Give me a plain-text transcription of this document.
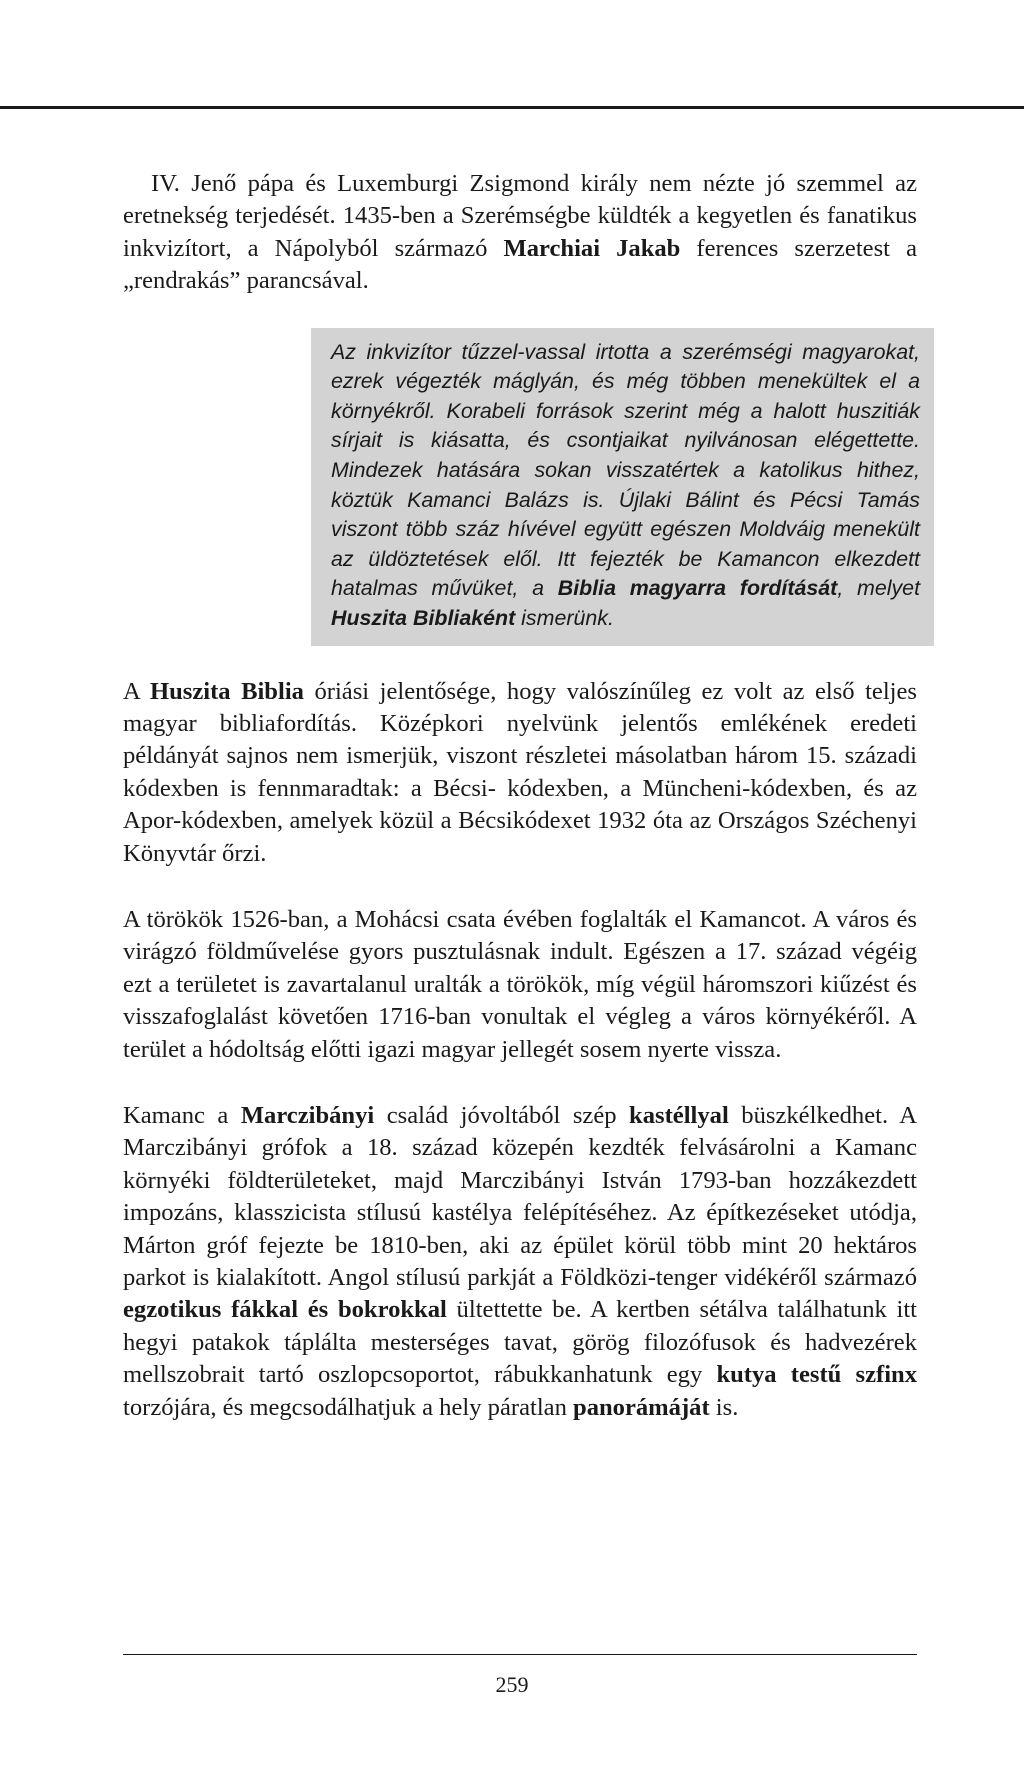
IV. Jenő pápa és Luxemburgi Zsigmond király nem nézte jó szemmel az eretnekség terjedését. 1435-ben a Szerémségbe küldték a kegyetlen és fanatikus inkvizítort, a Nápolyból származó Marchiai Jakab ferences szerzetest a „rendrakás” parancsával.

Az inkvizítor tűzzel-vassal irtotta a szerémségi magyarokat, ezrek végezték máglyán, és még többen menekültek el a környékről. Korabeli források szerint még a halott huszitiák sírjait is kiásatta, és csontjaikat nyilvánosan elégettette. Mindezek hatására sokan visszatértek a katolikus hithez, köztük Kamanci Balázs is. Újlaki Bálint és Pécsi Tamás viszont több száz hívével együtt egészen Moldváig menekült az üldöztetések elől. Itt fejezték be Kamancon elkezdett hatalmas művüket, a Biblia magyarra fordítását, melyet Huszita Bibliaként ismerünk.

A Huszita Biblia óriási jelentősége, hogy valószínűleg ez volt az első teljes magyar bibliafordítás. Középkori nyelvünk jelentős emlékének eredeti példányát sajnos nem ismerjük, viszont részletei másolatban három 15. századi kódexben is fennmaradtak: a Bécsi- kódexben, a Müncheni-kódexben, és az Apor-kódexben, amelyek közül a Bécsikódexet 1932 óta az Országos Széchenyi Könyvtár őrzi.

A törökök 1526-ban, a Mohácsi csata évében foglalták el Kamancot. A város és virágzó földművelése gyors pusztulásnak indult. Egészen a 17. század végéig ezt a területet is zavartalanul uralták a törökök, míg végül háromszori kiűzést és visszafoglalást követően 1716-ban vonultak el végleg a város környékéről. A terület a hódoltság előtti igazi magyar jellegét sosem nyerte vissza.

Kamanc a Marczibányi család jóvoltából szép kastéllyal büszkélkedhet. A Marczibányi grófok a 18. század közepén kezdték felvásárolni a Kamanc környéki földterületeket, majd Marczibányi István 1793-ban hozzákezdett impozáns, klasszicista stílusú kastélya felépítéséhez. Az építkezéseket utódja, Márton gróf fejezte be 1810-ben, aki az épület körül több mint 20 hektáros parkot is kialakított. Angol stílusú parkját a Földközi-tenger vidékéről származó egzotikus fákkal és bokrokkal ültettette be. A kertben sétálva találhatunk itt hegyi patakok táplálta mesterséges tavat, görög filozófusok és hadvezérek mellszobrait tartó oszlopcsoportot, rábukkanhatunk egy kutya testű szfinx torzójára, és megcsodálhatjuk a hely páratlan panorámáját is.

259
